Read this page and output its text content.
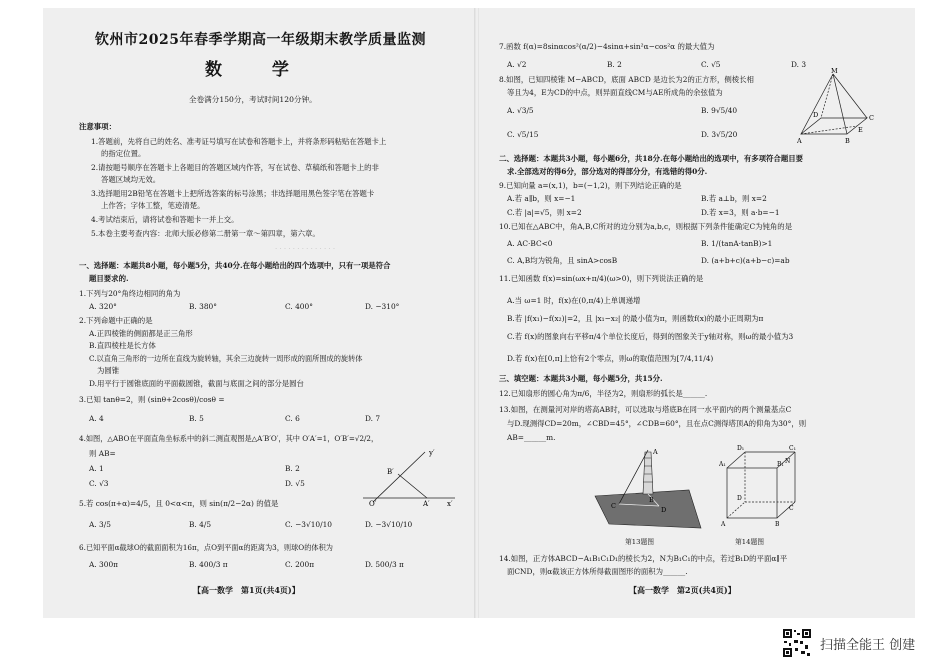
钦州市2025年春季学期高一年级期末教学质量监测
数 学
全卷满分150分，考试时间120分钟。
注意事项：
1.答题前，先将自己的姓名、准考证号填写在试卷和答题卡上，并将条形码粘贴在答题卡上
的指定位置。
2.请按题号顺序在答题卡上各题目的答题区域内作答，写在试卷、草稿纸和答题卡上的非
答题区域均无效。
3.选择题用2B铅笔在答题卡上把所选答案的标号涂黑；非选择题用黑色签字笔在答题卡
上作答；字体工整，笔迹清楚。
4.考试结束后，请将试卷和答题卡一并上交。
5.本卷主要考查内容：北师大版必修第二册第一章～第四章，第六章。
· · · · · · · · · · · · · ·
一、选择题：本题共8小题，每小题5分，共40分.在每小题给出的四个选项中，只有一项是符合
题目要求的.
1.下列与20°角终边相同的角为
A. 320°	B. 380°	C. 400°	D. −310°
2.下列命题中正确的是
A.正四棱锥的侧面都是正三角形
B.直四棱柱是长方体
C.以直角三角形的一边所在直线为旋转轴，其余三边旋转一周形成的面所围成的旋转体
为圆锥
D.用平行于圆锥底面的平面截圆锥，截面与底面之间的部分是圆台
3.已知 tanθ=2，则 (sinθ+2cosθ)/cosθ =
A. 4	B. 5	C. 6	D. 7
4.如图，△ABO在平面直角坐标系中的斜二测直观图是△A′B′O′，其中 O′A′=1，O′B′=√2/2，
则 AB=
A. 1	B. 2
C. √3	D. √5
y′
B′
O′	A′ x′
5.若 cos(π+α)=4/5，且 0<α<π，则 sin(π/2−2α) 的值是
A. 3/5	B. 4/5	C. −3√10/10	D. −3√10/10
6.已知平面α截球O的截面面积为16π，点O到平面α的距离为3，则球O的体积为
A. 300π	B. 400/3 π	C. 200π	D. 500/3 π
【高一数学　第1页(共4页)】
7.函数 f(α)=8sinαcos²(α/2)−4sinα+sin²α−cos²α 的最大值为
A. √2	B. 2	C. √5	D. 3
8.如图，已知四棱锥 M−ABCD，底面 ABCD 是边长为2的正方形，侧棱长相
等且为4，E为CD的中点，则异面直线CM与AE所成角的余弦值为
A. √3/5	B. 9√5/40
C. √5/15	D. 3√5/20
M
A	B
C
D
E
二、选择题：本题共3小题，每小题6分，共18分.在每小题给出的选项中，有多项符合题目要
求.全部选对的得6分，部分选对的得部分分，有选错的得0分.
9.已知向量 a=(x,1)，b=(−1,2)，则下列结论正确的是
A.若 a∥b，则 x=−1	B.若 a⊥b，则 x=2
C.若 |a|=√5，则 x=2	D.若 x=3，则 a·b=−1
10.已知在△ABC中，角A,B,C所对的边分别为a,b,c，则根据下列条件能确定C为钝角的是
A. AC·BC<0	B. 1/(tanA·tanB)>1
C. A,B均为锐角，且 sinA>cosB	D. (a+b+c)(a+b−c)=ab
11.已知函数 f(x)=sin(ωx+π/4)(ω>0)，则下列说法正确的是
A.当 ω=1 时，f(x)在(0,π/4)上单调递增
B.若 |f(x₁)−f(x₂)|=2，且 |x₁−x₂| 的最小值为π，则函数f(x)的最小正周期为π
C.若 f(x)的图象向右平移π/4个单位长度后，得到的图象关于y轴对称，则ω的最小值为3
D.若 f(x)在[0,π]上恰有2个零点，则ω的取值范围为[7/4,11/4)
三、填空题：本题共3小题，每小题5分，共15分.
12.已知扇形的圆心角为π/6，半径为2，则扇形的弧长是______.
13.如图，在测量河对岸的塔高AB时，可以选取与塔底B在同一水平面内的两个测量基点C
与D.现测得CD=20m，∠CBD=45°，∠CDB=60°，且在点C测得塔顶A的仰角为30°，则
AB=______m.
A
B
C	D
第13题图
D₁
A₁	N
C₁
B₁
D
C
A	B
第14题图
14.如图，正方体ABCD−A₁B₁C₁D₁的棱长为2，N为B₁C₁的中点，若过B₁D的平面α∥平
面CND，则α截该正方体所得截面图形的面积为______.
【高一数学　第2页(共4页)】
扫描全能王 创建
